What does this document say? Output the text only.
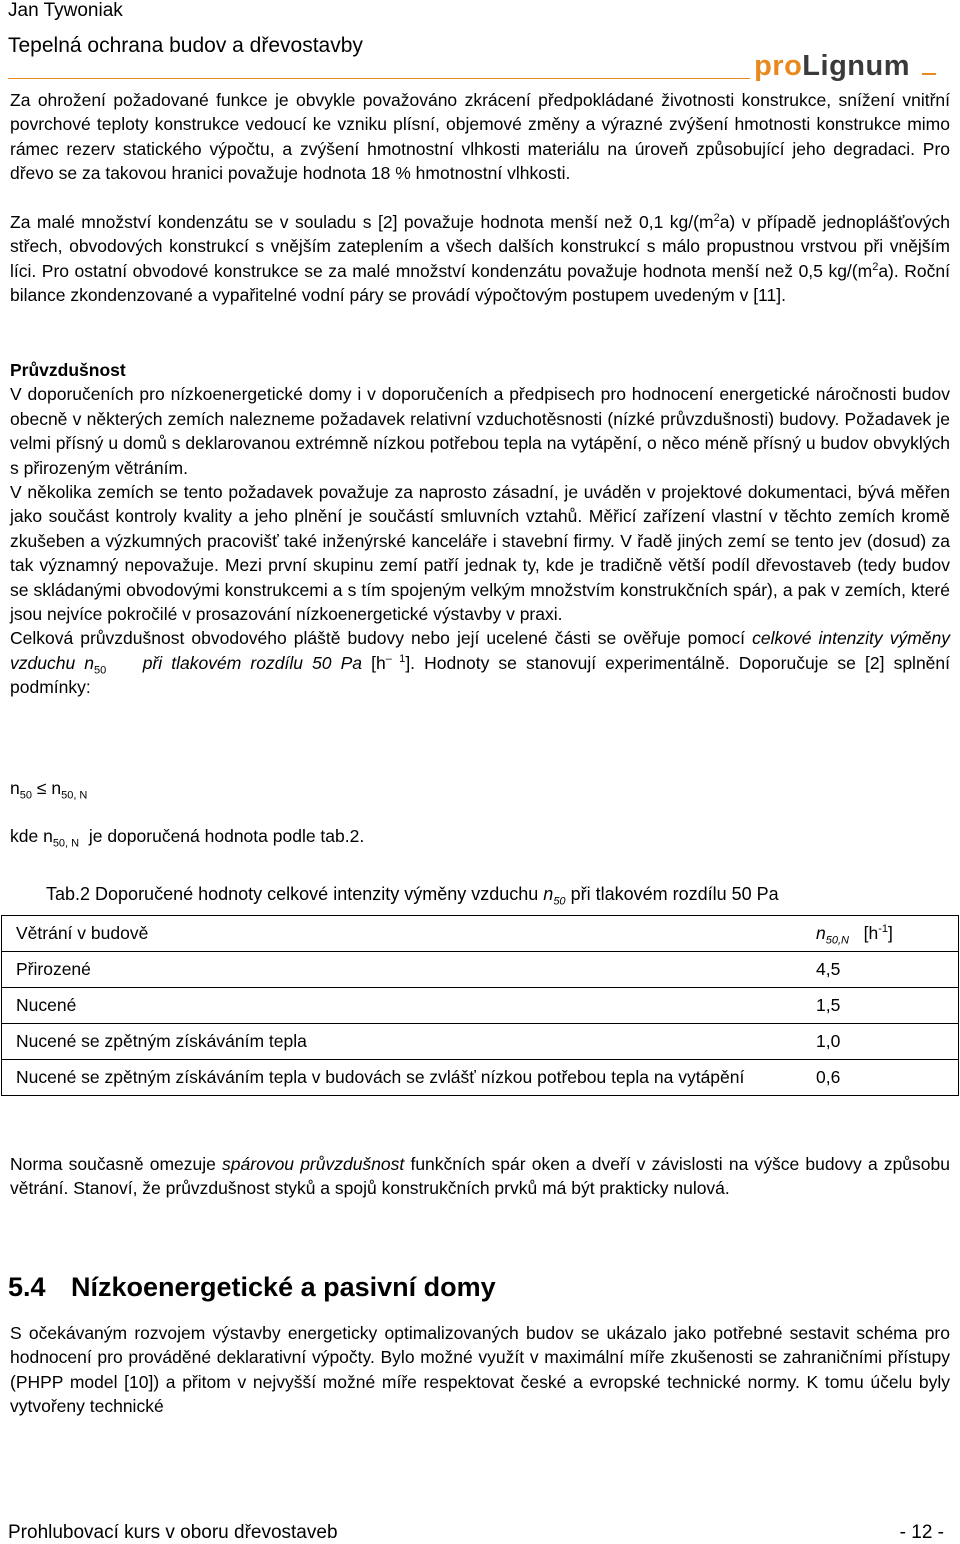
Jan Tywoniak
Tepelná ochrana budov a dřevostavby
proLignum

Za ohrožení požadované funkce je obvykle považováno zkrácení předpokládané životnosti konstrukce, snížení vnitřní povrchové teploty konstrukce vedoucí ke vzniku plísní, objemové změny a výrazné zvýšení hmotnosti konstrukce mimo rámec rezerv statického výpočtu, a zvýšení hmotnostní vlhkosti materiálu na úroveň způsobující jeho degradaci. Pro dřevo se za takovou hranici považuje hodnota 18 % hmotnostní vlhkosti.

Za malé množství kondenzátu se v souladu s [2] považuje hodnota menší než 0,1 $kg/(m^2a)$ v případě jednoplášťových střech, obvodových konstrukcí s vnějším zateplením a všech dalších konstrukcí s málo propustnou vrstvou při vnějším líci. Pro ostatní obvodové konstrukce se za malé množství kondenzátu považuje hodnota menší než 0,5 $kg/(m^2a)$. Roční bilance zkondenzované a vypařitelné vodní páry se provádí výpočtovým postupem uvedeným v [11].

Průvzdušnost

V doporučeních pro nízkoenergetické domy i v doporučeních a předpisech pro hodnocení energetické náročnosti budov obecně v některých zemích nalezneme požadavek relativní vzduchotěsnosti (nízké průvzdušnosti) budovy. Požadavek je velmi přísný u domů s deklarovanou extrémně nízkou potřebou tepla na vytápění, o něco méně přísný u budov obvyklých s přirozeným větráním.

V několika zemích se tento požadavek považuje za naprosto zásadní, je uváděn v projektové dokumentaci, bývá měřen jako součást kontroly kvality a jeho plnění je součástí smluvních vztahů. Měřicí zařízení vlastní v těchto zemích kromě zkušeben a výzkumných pracovišť také inženýrské kanceláře i stavební firmy. V řadě jiných zemí se tento jev (dosud) za tak významný nepovažuje. Mezi první skupinu zemí patří jednak ty, kde je tradičně větší podíl dřevostaveb (tedy budov se skládanými obvodovými konstrukcemi a s tím spojeným velkým množstvím konstrukčních spár), a pak v zemích, které jsou nejvíce pokročilé v prosazování nízkoenergetické výstavby v praxi.

Celková průvzdušnost obvodového pláště budovy nebo její ucelené části se ověřuje pomocí celkové intenzity výměny vzduchu $n_{50}$ při tlakovém rozdílu 50 Pa $[h^{- 1}]$. Hodnoty se stanovují experimentálně. Doporučuje se [2] splnění podmínky:

$n_{50} \le n_{50, N}$
kde $n_{50, N}$ je doporučená hodnota podle tab.2.
Tab.2 Doporučené hodnoty celkové intenzity výměny vzduchu $n_{50}$ při tlakovém rozdílu 50 Pa
Větrání v budově	$n_{50,N}$ $[h^{-1}]$
Přirozené	4,5
Nucené	1,5
Nucené se zpětným získáváním tepla	1,0
Nucené se zpětným získáváním tepla v budovách se zvlášť nízkou potřebou tepla na vytápění	0,6

Norma současně omezuje spárovou průvzdušnost funkčních spár oken a dveří v závislosti na výšce budovy a způsobu větrání. Stanoví, že průvzdušnost styků a spojů konstrukčních prvků má být prakticky nulová.

5.4 Nízkoenergetické a pasivní domy

S očekávaným rozvojem výstavby energeticky optimalizovaných budov se ukázalo jako potřebné sestavit schéma pro hodnocení pro prováděné deklarativní výpočty. Bylo možné využít v maximální míře zkušenosti se zahraničními přístupy (PHPP model [10]) a přitom v nejvyšší možné míře respektovat české a evropské technické normy. K tomu účelu byly vytvořeny technické

Prohlubovací kurs v oboru dřevostaveb	- 12 -
